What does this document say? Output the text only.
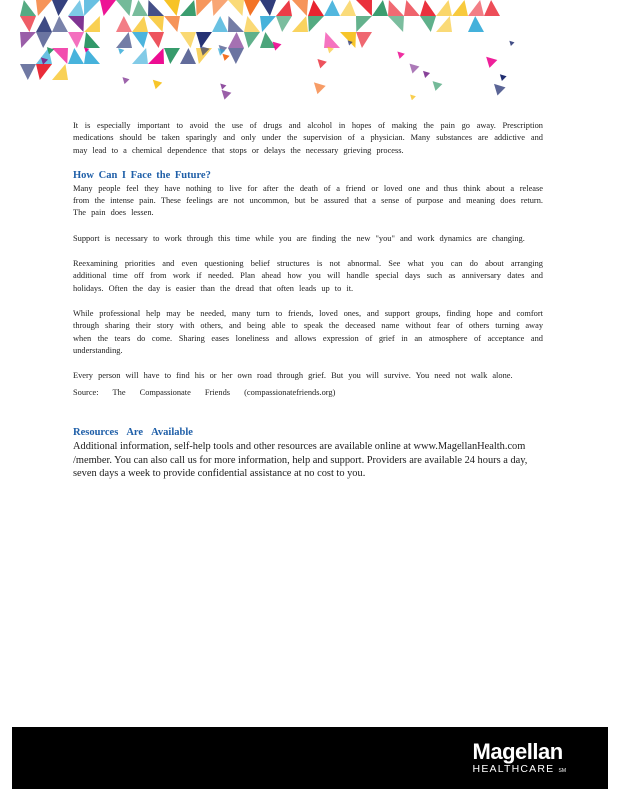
It is especially important to avoid the use of drugs and alcohol in hopes of making the pain go away. Prescription medications should be taken sparingly and only under the supervision of a physician. Many substances are addictive and may lead to a chemical dependence that stops or delays the necessary grieving process.

How Can I Face the Future?

Many people feel they have nothing to live for after the death of a friend or loved one and thus think about a release from the intense pain. These feelings are not uncommon, but be assured that a sense of purpose and meaning does return. The pain does lessen.

Support is necessary to work through this time while you are finding the new "you" and work dynamics are changing.

Reexamining priorities and even questioning belief structures is not abnormal. See what you can do about arranging additional time off from work if needed. Plan ahead how you will handle special days such as anniversary dates and holidays. Often the day is easier than the dread that often leads up to it.

While professional help may be needed, many turn to friends, loved ones, and support groups, finding hope and comfort through sharing their story with others, and being able to speak the deceased name without fear of others turning away when the tears do come. Sharing eases loneliness and allows expression of grief in an atmosphere of acceptance and understanding.

Every person will have to find his or her own road through grief. But you will survive. You need not walk alone.

Source: The Compassionate Friends (compassionatefriends.org)

Resources Are Available

Additional information, self-help tools and other resources are available online at www.MagellanHealth.com /member. You can also call us for more information, help and support. Providers are available 24 hours a day, seven days a week to provide confidential assistance at no cost to you.

Magellan
HEALTHCARE SM
